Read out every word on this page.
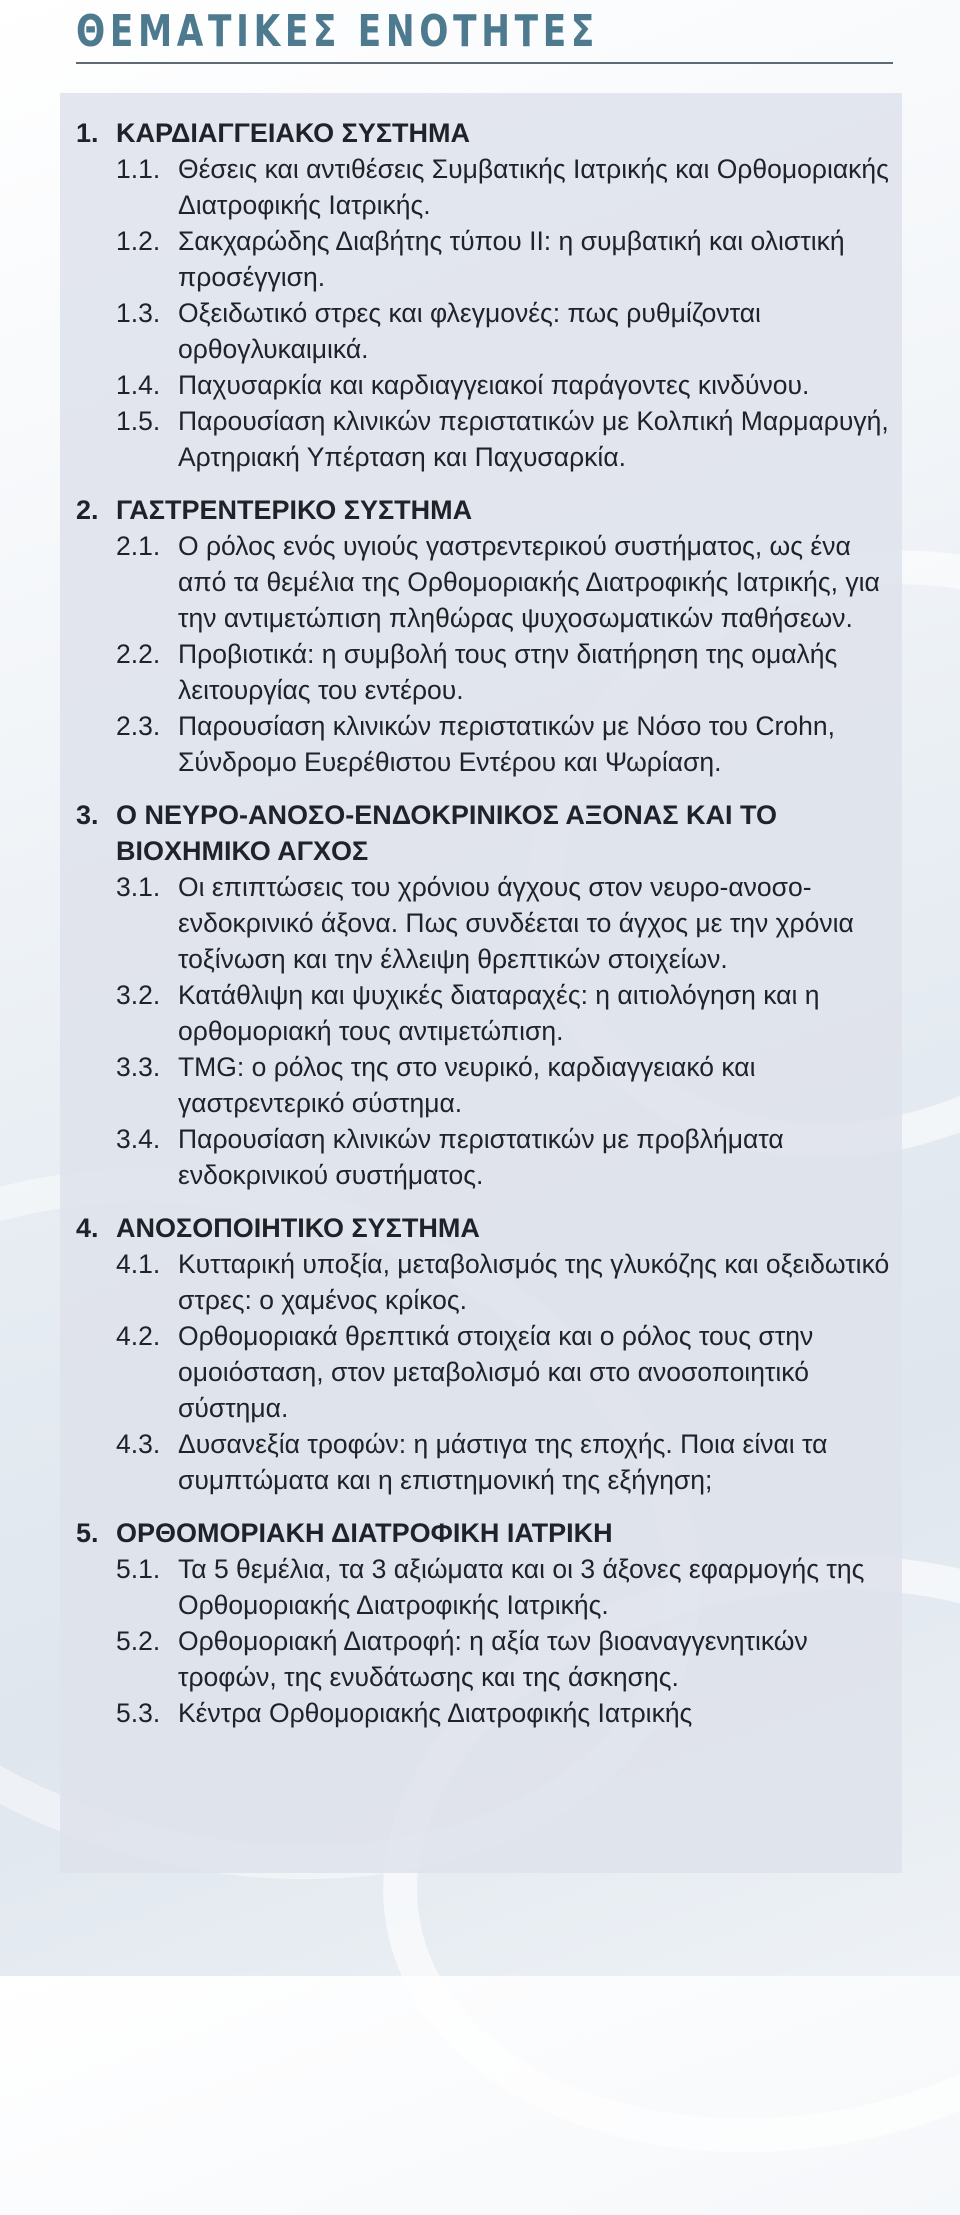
ΘΕΜΑΤΙΚΕΣ ΕΝΟΤΗΤΕΣ
1. ΚΑΡΔΙΑΓΓΕΙΑΚΟ ΣΥΣΤΗΜΑ
1.1. Θέσεις και αντιθέσεις Συμβατικής Ιατρικής και Ορθομοριακής Διατροφικής Ιατρικής.
1.2. Σακχαρώδης Διαβήτης τύπου II: η συμβατική και ολιστική προσέγγιση.
1.3. Οξειδωτικό στρες και φλεγμονές: πως ρυθμίζονται ορθογλυκαιμικά.
1.4. Παχυσαρκία και καρδιαγγειακοί παράγοντες κινδύνου.
1.5. Παρουσίαση κλινικών περιστατικών με Κολπική Μαρμαρυγή, Αρτηριακή Υπέρταση και Παχυσαρκία.
2. ΓΑΣΤΡΕΝΤΕΡΙΚΟ ΣΥΣΤΗΜΑ
2.1. Ο ρόλος ενός υγιούς γαστρεντερικού συστήματος, ως ένα από τα θεμέλια της Ορθομοριακής Διατροφικής Ιατρικής, για την αντιμετώπιση πληθώρας ψυχοσωματικών παθήσεων.
2.2. Προβιοτικά: η συμβολή τους στην διατήρηση της ομαλής λειτουργίας του εντέρου.
2.3. Παρουσίαση κλινικών περιστατικών με Νόσο του Crohn, Σύνδρομο Ευερέθιστου Εντέρου και Ψωρίαση.
3. Ο ΝΕΥΡΟ-ΑΝΟΣΟ-ΕΝΔΟΚΡΙΝΙΚΟΣ ΑΞΟΝΑΣ ΚΑΙ ΤΟ ΒΙΟΧΗΜΙΚΟ ΑΓΧΟΣ
3.1. Οι επιπτώσεις του χρόνιου άγχους στον νευρο-ανοσο-ενδοκρινικό άξονα. Πως συνδέεται το άγχος με την χρόνια τοξίνωση και την έλλειψη θρεπτικών στοιχείων.
3.2. Κατάθλιψη και ψυχικές διαταραχές: η αιτιολόγηση και η ορθομοριακή τους αντιμετώπιση.
3.3. TMG: ο ρόλος της στο νευρικό, καρδιαγγειακό και γαστρεντερικό σύστημα.
3.4. Παρουσίαση κλινικών περιστατικών με προβλήματα ενδοκρινικού συστήματος.
4. ΑΝΟΣΟΠΟΙΗΤΙΚΟ ΣΥΣΤΗΜΑ
4.1. Κυτταρική υποξία, μεταβολισμός της γλυκόζης και οξειδωτικό στρες: ο χαμένος κρίκος.
4.2. Ορθομοριακά θρεπτικά στοιχεία και ο ρόλος τους στην ομοιόσταση, στον μεταβολισμό και στο ανοσοποιητικό σύστημα.
4.3. Δυσανεξία τροφών: η μάστιγα της εποχής. Ποια είναι τα συμπτώματα και η επιστημονική της εξήγηση;
5. ΟΡΘΟΜΟΡΙΑΚΗ ΔΙΑΤΡΟΦΙΚΗ ΙΑΤΡΙΚΗ
5.1. Τα 5 θεμέλια, τα 3 αξιώματα και οι 3 άξονες εφαρμογής της Ορθομοριακής Διατροφικής Ιατρικής.
5.2. Ορθομοριακή Διατροφή: η αξία των βιοαναγγενητικών τροφών, της ενυδάτωσης και της άσκησης.
5.3. Κέντρα Ορθομοριακής Διατροφικής Ιατρικής
